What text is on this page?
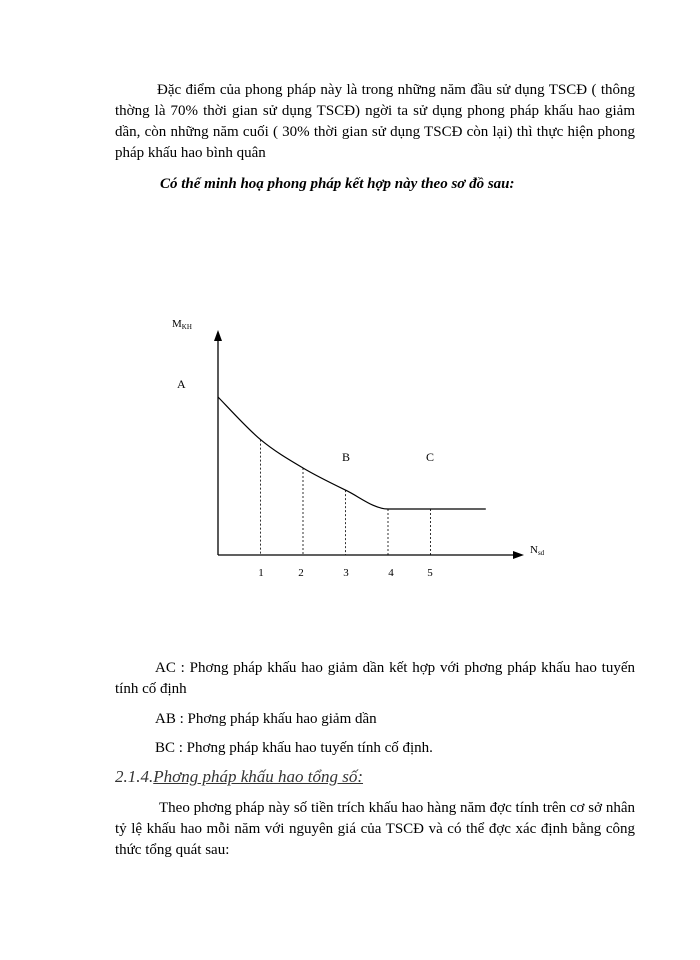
Đặc điểm của phong pháp này là trong những năm đầu sử dụng TSCĐ ( thông thờng là 70% thời gian sử dụng TSCĐ) ngời ta sử dụng phong pháp khấu hao giảm dần, còn những năm cuối ( 30% thời gian sử dụng TSCĐ còn lại) thì thực hiện phong pháp khấu hao bình quân

Có thể minh hoạ phong pháp kết hợp này theo sơ đồ sau:

MKH
Nsd
A
B	C
1	2	3	4	5

AC : Phơng pháp khấu hao giảm dần kết hợp với phơng pháp khấu hao tuyến tính cố định

AB : Phơng pháp khấu hao giảm dần

BC : Phơng pháp khấu hao tuyến tính cố định.

2.1.4.Phơng pháp khấu hao tổng số:

Theo phơng pháp này số tiền trích khấu hao hàng năm đợc tính trên cơ sở nhân tỷ lệ khấu hao mỗi năm với nguyên giá của TSCĐ và có thể đợc xác định bằng công thức tổng quát sau:
